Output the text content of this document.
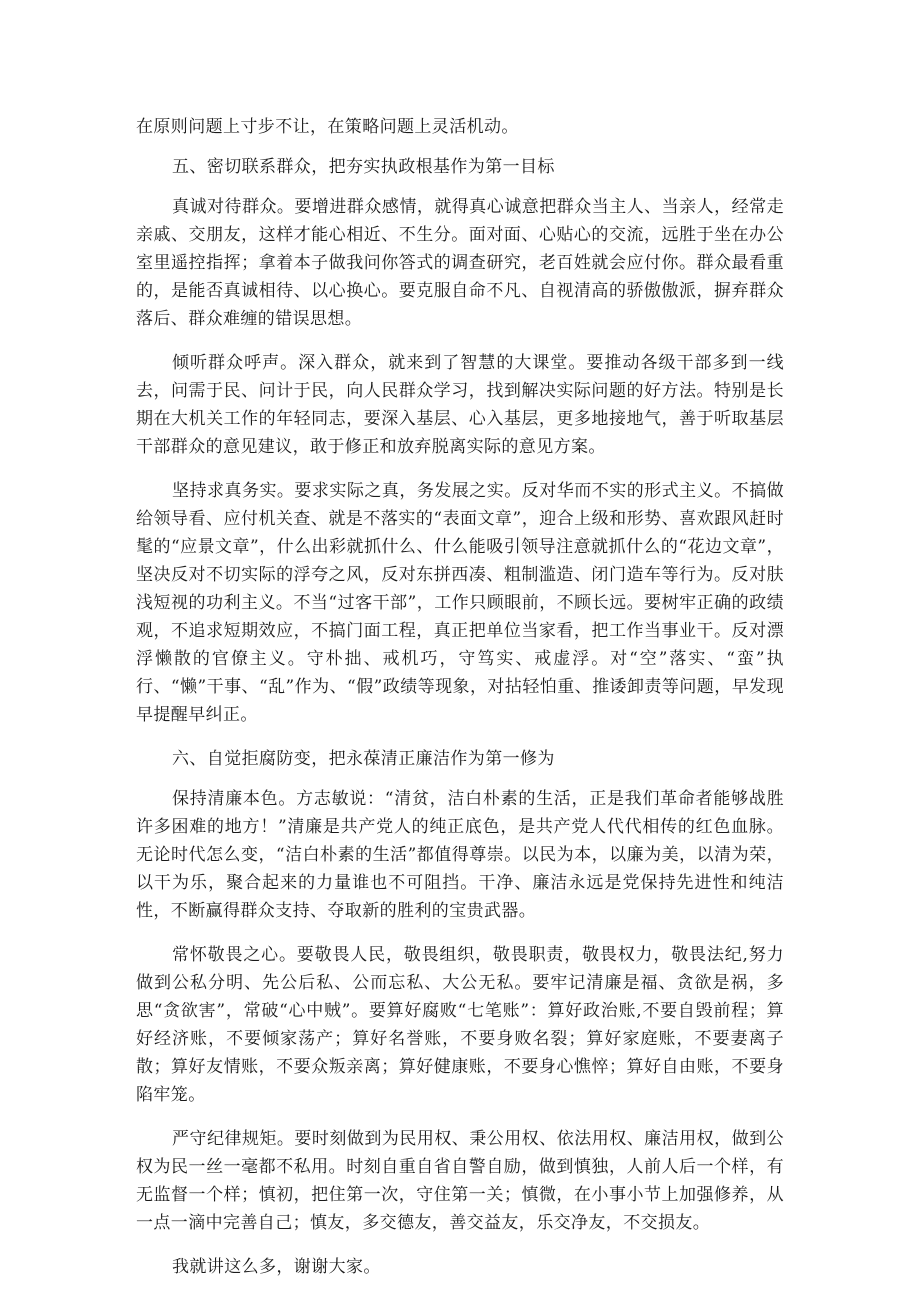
在原则问题上寸步不让，在策略问题上灵活机动。

五、密切联系群众，把夯实执政根基作为第一目标

真诚对待群众。要增进群众感情，就得真心诚意把群众当主人、当亲人，经常走亲戚、交朋友，这样才能心相近、不生分。面对面、心贴心的交流，远胜于坐在办公室里遥控指挥；拿着本子做我问你答式的调查研究，老百姓就会应付你。群众最看重的，是能否真诚相待、以心换心。要克服自命不凡、自视清高的骄傲傲派，摒弃群众落后、群众难缠的错误思想。

倾听群众呼声。深入群众，就来到了智慧的大课堂。要推动各级干部多到一线去，问需于民、问计于民，向人民群众学习，找到解决实际问题的好方法。特别是长期在大机关工作的年轻同志，要深入基层、心入基层，更多地接地气，善于听取基层干部群众的意见建议，敢于修正和放弃脱离实际的意见方案。

坚持求真务实。要求实际之真，务发展之实。反对华而不实的形式主义。不搞做给领导看、应付机关查、就是不落实的“表面文章”，迎合上级和形势、喜欢跟风赶时髦的“应景文章”，什么出彩就抓什么、什么能吸引领导注意就抓什么的“花边文章”，坚决反对不切实际的浮夸之风，反对东拼西凑、粗制滥造、闭门造车等行为。反对肤浅短视的功利主义。不当“过客干部”，工作只顾眼前，不顾长远。要树牢正确的政绩观，不追求短期效应，不搞门面工程，真正把单位当家看，把工作当事业干。反对漂浮懒散的官僚主义。守朴拙、戒机巧，守笃实、戒虚浮。对“空”落实、“蛮”执行、“懒”干事、“乱”作为、“假”政绩等现象，对拈轻怕重、推诿卸责等问题，早发现早提醒早纠正。

六、自觉拒腐防变，把永葆清正廉洁作为第一修为

保持清廉本色。方志敏说：“清贫，洁白朴素的生活，正是我们革命者能够战胜许多困难的地方！”清廉是共产党人的纯正底色，是共产党人代代相传的红色血脉。无论时代怎么变，“洁白朴素的生活”都值得尊崇。以民为本，以廉为美，以清为荣，以干为乐，聚合起来的力量谁也不可阻挡。干净、廉洁永远是党保持先进性和纯洁性，不断赢得群众支持、夺取新的胜利的宝贵武器。

常怀敬畏之心。要敬畏人民，敬畏组织，敬畏职责，敬畏权力，敬畏法纪,努力做到公私分明、先公后私、公而忘私、大公无私。要牢记清廉是福、贪欲是祸，多思“贪欲害”，常破“心中贼”。要算好腐败“七笔账”：算好政治账,不要自毁前程；算好经济账，不要倾家荡产；算好名誉账，不要身败名裂；算好家庭账，不要妻离子散；算好友情账，不要众叛亲离；算好健康账，不要身心憔悴；算好自由账，不要身陷牢笼。

严守纪律规矩。要时刻做到为民用权、秉公用权、依法用权、廉洁用权，做到公权为民一丝一毫都不私用。时刻自重自省自警自励，做到慎独，人前人后一个样，有无监督一个样；慎初，把住第一次，守住第一关；慎微，在小事小节上加强修养，从一点一滴中完善自己；慎友，多交德友，善交益友，乐交净友，不交损友。

我就讲这么多，谢谢大家。
